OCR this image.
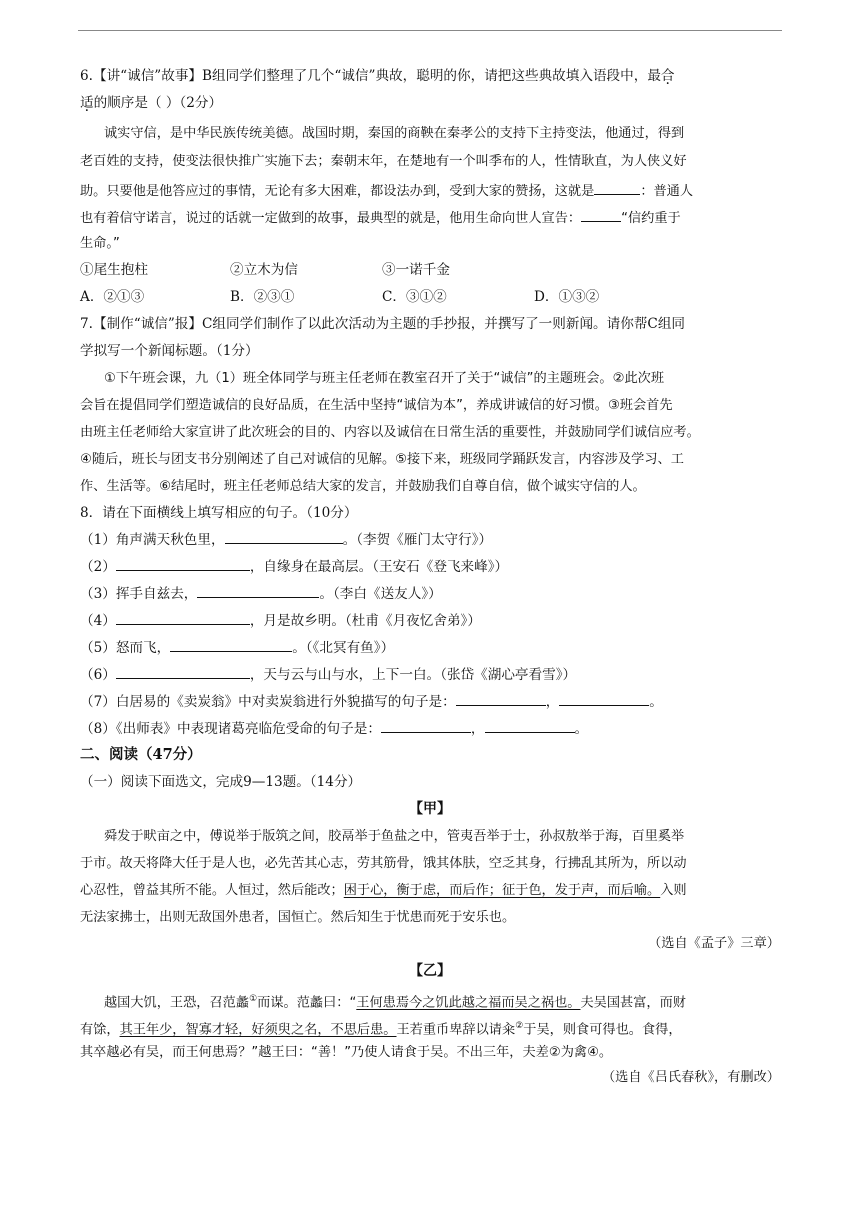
6.【讲“诚信”故事】B组同学们整理了几个“诚信”典故，聪明的你，请把这些典故填入语段中，最合
适的顺序是（ ）（2分）
诚实守信，是中华民族传统美德。战国时期，秦国的商鞅在秦孝公的支持下主持变法，他通过，得到
老百姓的支持，使变法很快推广实施下去；秦朝末年，在楚地有一个叫季布的人，性情耿直，为人侠义好
助。只要他是他答应过的事情，无论有多大困难，都设法办到，受到大家的赞扬，这就是	：普通人
也有着信守诺言，说过的话就一定做到的故事，最典型的就是，他用生命向世人宣告：	“信约重于
生命。”
①尾生抱柱	②立木为信	③一诺千金
A．②①③	B．②③①	C．③①②	D．①③②
7.【制作“诚信”报】C组同学们制作了以此次活动为主题的手抄报，并撰写了一则新闻。请你帮C组同
学拟写一个新闻标题。（1分）
①下午班会课，九（1）班全体同学与班主任老师在教室召开了关于“诚信”的主题班会。②此次班
会旨在提倡同学们塑造诚信的良好品质，在生活中坚持“诚信为本”，养成讲诚信的好习惯。③班会首先
由班主任老师给大家宣讲了此次班会的目的、内容以及诚信在日常生活的重要性，并鼓励同学们诚信应考。
④随后，班长与团支书分别阐述了自己对诚信的见解。⑤接下来，班级同学踊跃发言，内容涉及学习、工
作、生活等。⑥结尾时，班主任老师总结大家的发言，并鼓励我们自尊自信，做个诚实守信的人。
8．请在下面横线上填写相应的句子。（10分）
（1）角声满天秋色里，	。（李贺《雁门太守行》）
（2）	，自缘身在最高层。（王安石《登飞来峰》）
（3）挥手自兹去，	。（李白《送友人》）
（4）	，月是故乡明。（杜甫《月夜忆舍弟》）
（5）怒而飞，	。（《北冥有鱼》）
（6）	，天与云与山与水，上下一白。（张岱《湖心亭看雪》）
（7）白居易的《卖炭翁》中对卖炭翁进行外貌描写的句子是：	，	。
（8）《出师表》中表现诸葛亮临危受命的句子是：	，	。
二、阅读（47分）
（一）阅读下面选文，完成9—13题。（14分）
【甲】
舜发于畎亩之中，傅说举于版筑之间，胶鬲举于鱼盐之中，管夷吾举于士，孙叔敖举于海，百里奚举
于市。故天将降大任于是人也，必先苦其心志，劳其筋骨，饿其体肤，空乏其身，行拂乱其所为，所以动
心忍性，曾益其所不能。人恒过，然后能改；困于心，衡于虑，而后作；征于色，发于声，而后喻。入则
无法家拂士，出则无敌国外患者，国恒亡。然后知生于忧患而死于安乐也。
（选自《孟子》三章）
【乙】
越国大饥，王恐，召范蠡①而谋。范蠡曰：“王何患焉今之饥此越之福而吴之祸也。夫吴国甚富，而财
有馀，其王年少，智寡才轻，好须臾之名，不思后患。王若重币卑辞以请籴②于吴，则食可得也。食得，
其卒越必有吴，而王何患焉？”越王曰：“善！”乃使人请食于吴。不出三年，夫差②为禽④。
（选自《吕氏春秋》，有删改）
